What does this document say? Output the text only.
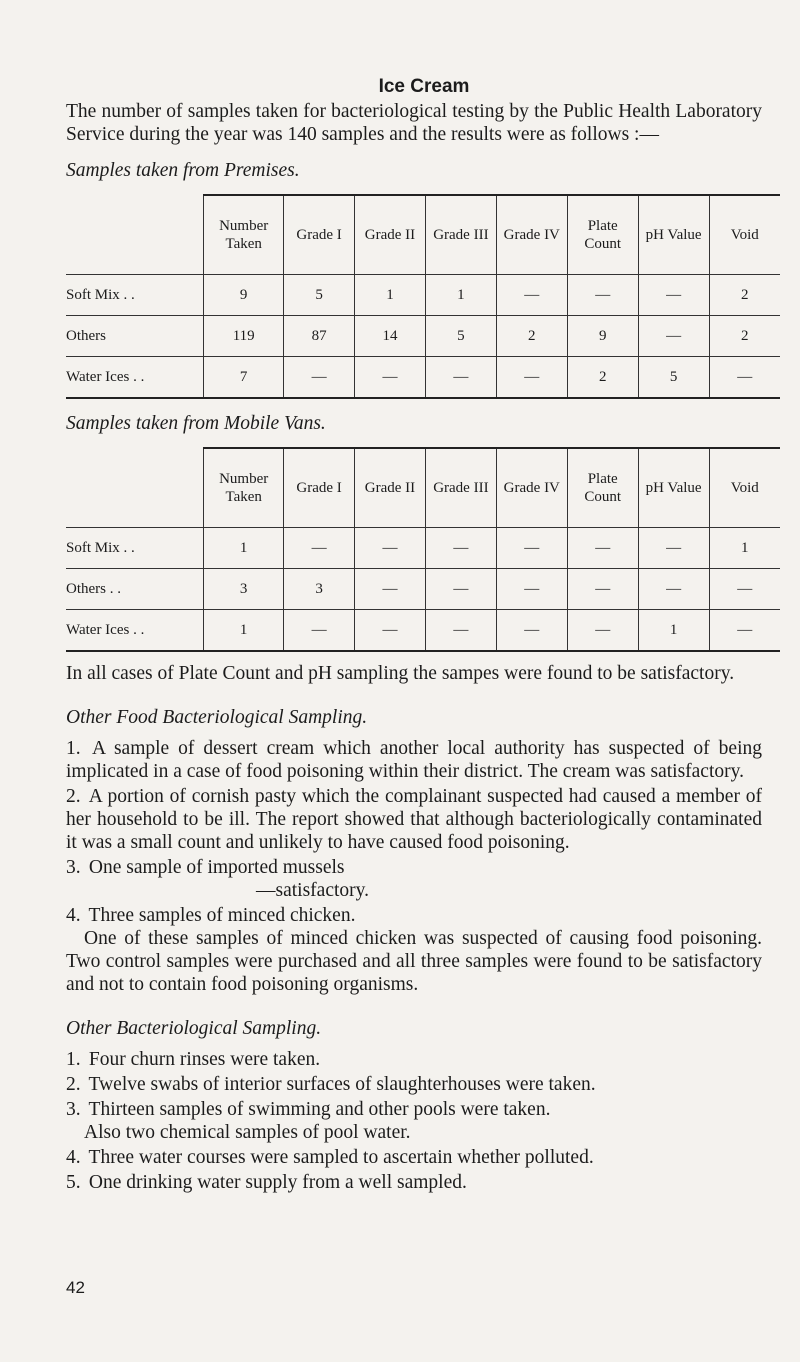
Ice Cream

The number of samples taken for bacteriological testing by the Public Health Laboratory Service during the year was 140 samples and the results were as follows :—

Samples taken from Premises.
	Number Taken	Grade I	Grade II	Grade III	Grade IV	Plate Count	pH Value	Void
Soft Mix . .	9	5	1	1	—	—	—	2
Others	119	87	14	5	2	9	—	2
Water Ices . .	7	—	—	—	—	2	5	—
Samples taken from Mobile Vans.
	Number Taken	Grade I	Grade II	Grade III	Grade IV	Plate Count	pH Value	Void
Soft Mix . .	1	—	—	—	—	—	—	1
Others . .	3	3	—	—	—	—	—	—
Water Ices . .	1	—	—	—	—	—	1	—

In all cases of Plate Count and pH sampling the sampes were found to be satisfactory.

Other Food Bacteriological Sampling.
1. A sample of dessert cream which another local authority has suspected of being implicated in a case of food poisoning within their district. The cream was satisfactory.
2. A portion of cornish pasty which the complainant suspected had caused a member of her household to be ill. The report showed that although bacteriologically contaminated it was a small count and unlikely to have caused food poisoning.
3. One sample of imported mussels
—satisfactory.
4. Three samples of minced chicken.
One of these samples of minced chicken was suspected of causing food poisoning. Two control samples were purchased and all three samples were found to be satisfactory and not to contain food poisoning organisms.
Other Bacteriological Sampling.
1. Four churn rinses were taken.
2. Twelve swabs of interior surfaces of slaughterhouses were taken.
3. Thirteen samples of swimming and other pools were taken.
Also two chemical samples of pool water.
4. Three water courses were sampled to ascertain whether polluted.
5. One drinking water supply from a well sampled.
42
